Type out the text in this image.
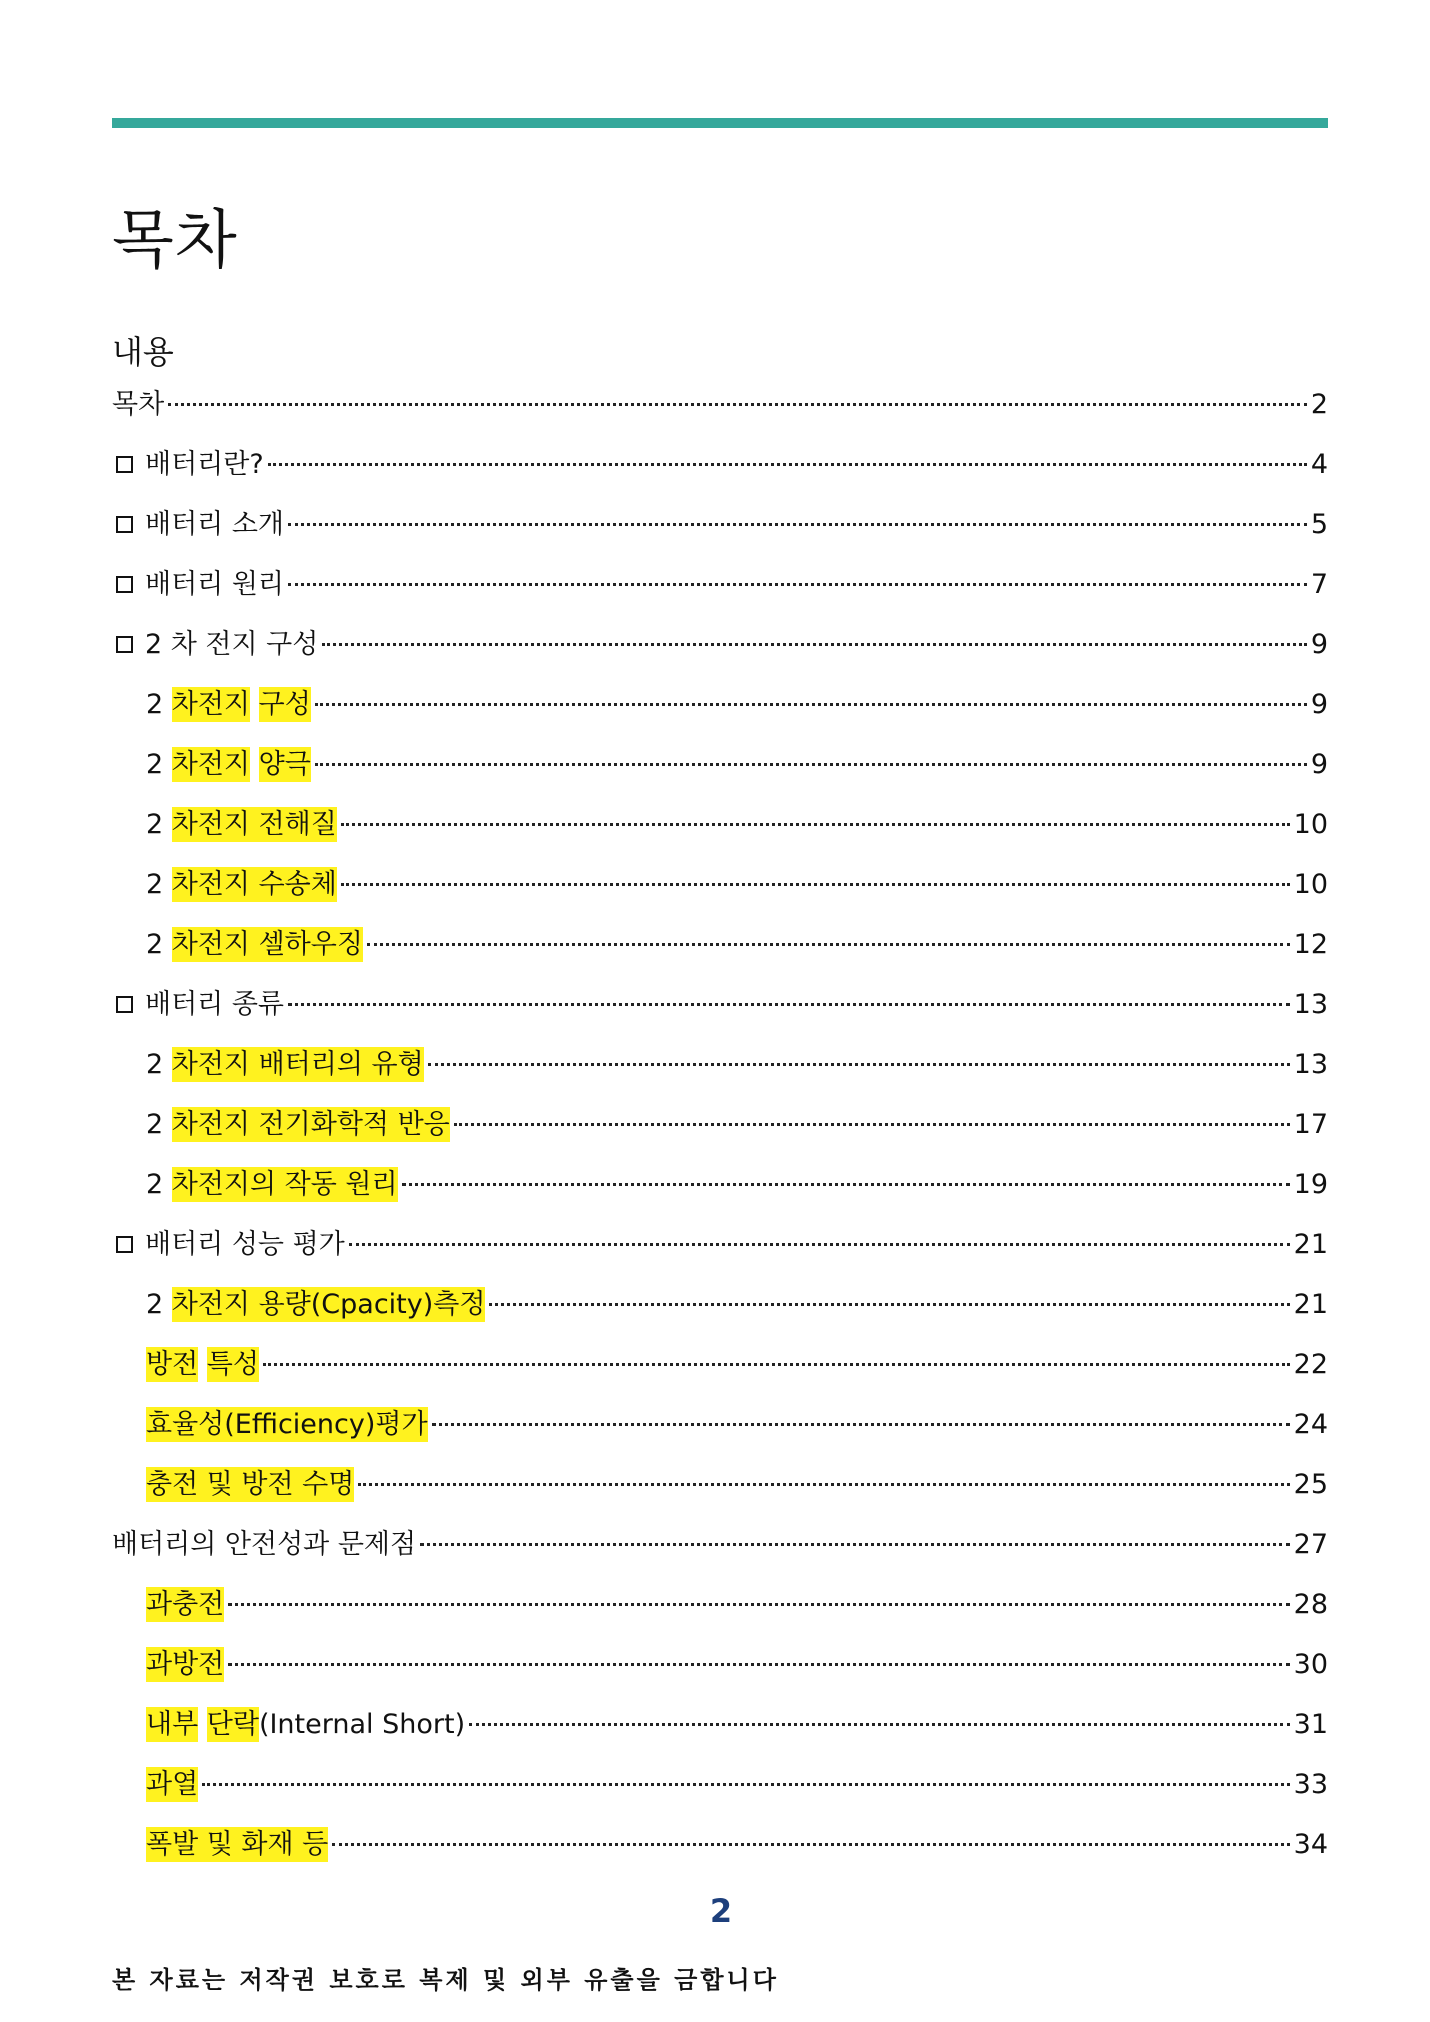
목차
내용
목차	2
배터리란?	4
배터리 소개	5
배터리 원리	7
2 차 전지 구성	9
2 차전지 구성	9
2 차전지 양극	9
2 차전지 전해질	10
2 차전지 수송체	10
2 차전지 셀하우징	12
배터리 종류	13
2 차전지 배터리의 유형	13
2 차전지 전기화학적 반응	17
2 차전지의 작동 원리	19
배터리 성능 평가	21
2 차전지 용량(Cpacity)측정	21
방전 특성	22
효율성(Efficiency)평가	24
충전 및 방전 수명	25
배터리의 안전성과 문제점	27
과충전	28
과방전	30
내부 단락(Internal Short)	31
과열	33
폭발 및 화재 등	34
2
본 자료는 저작권 보호로 복제 및 외부 유출을 금합니다
